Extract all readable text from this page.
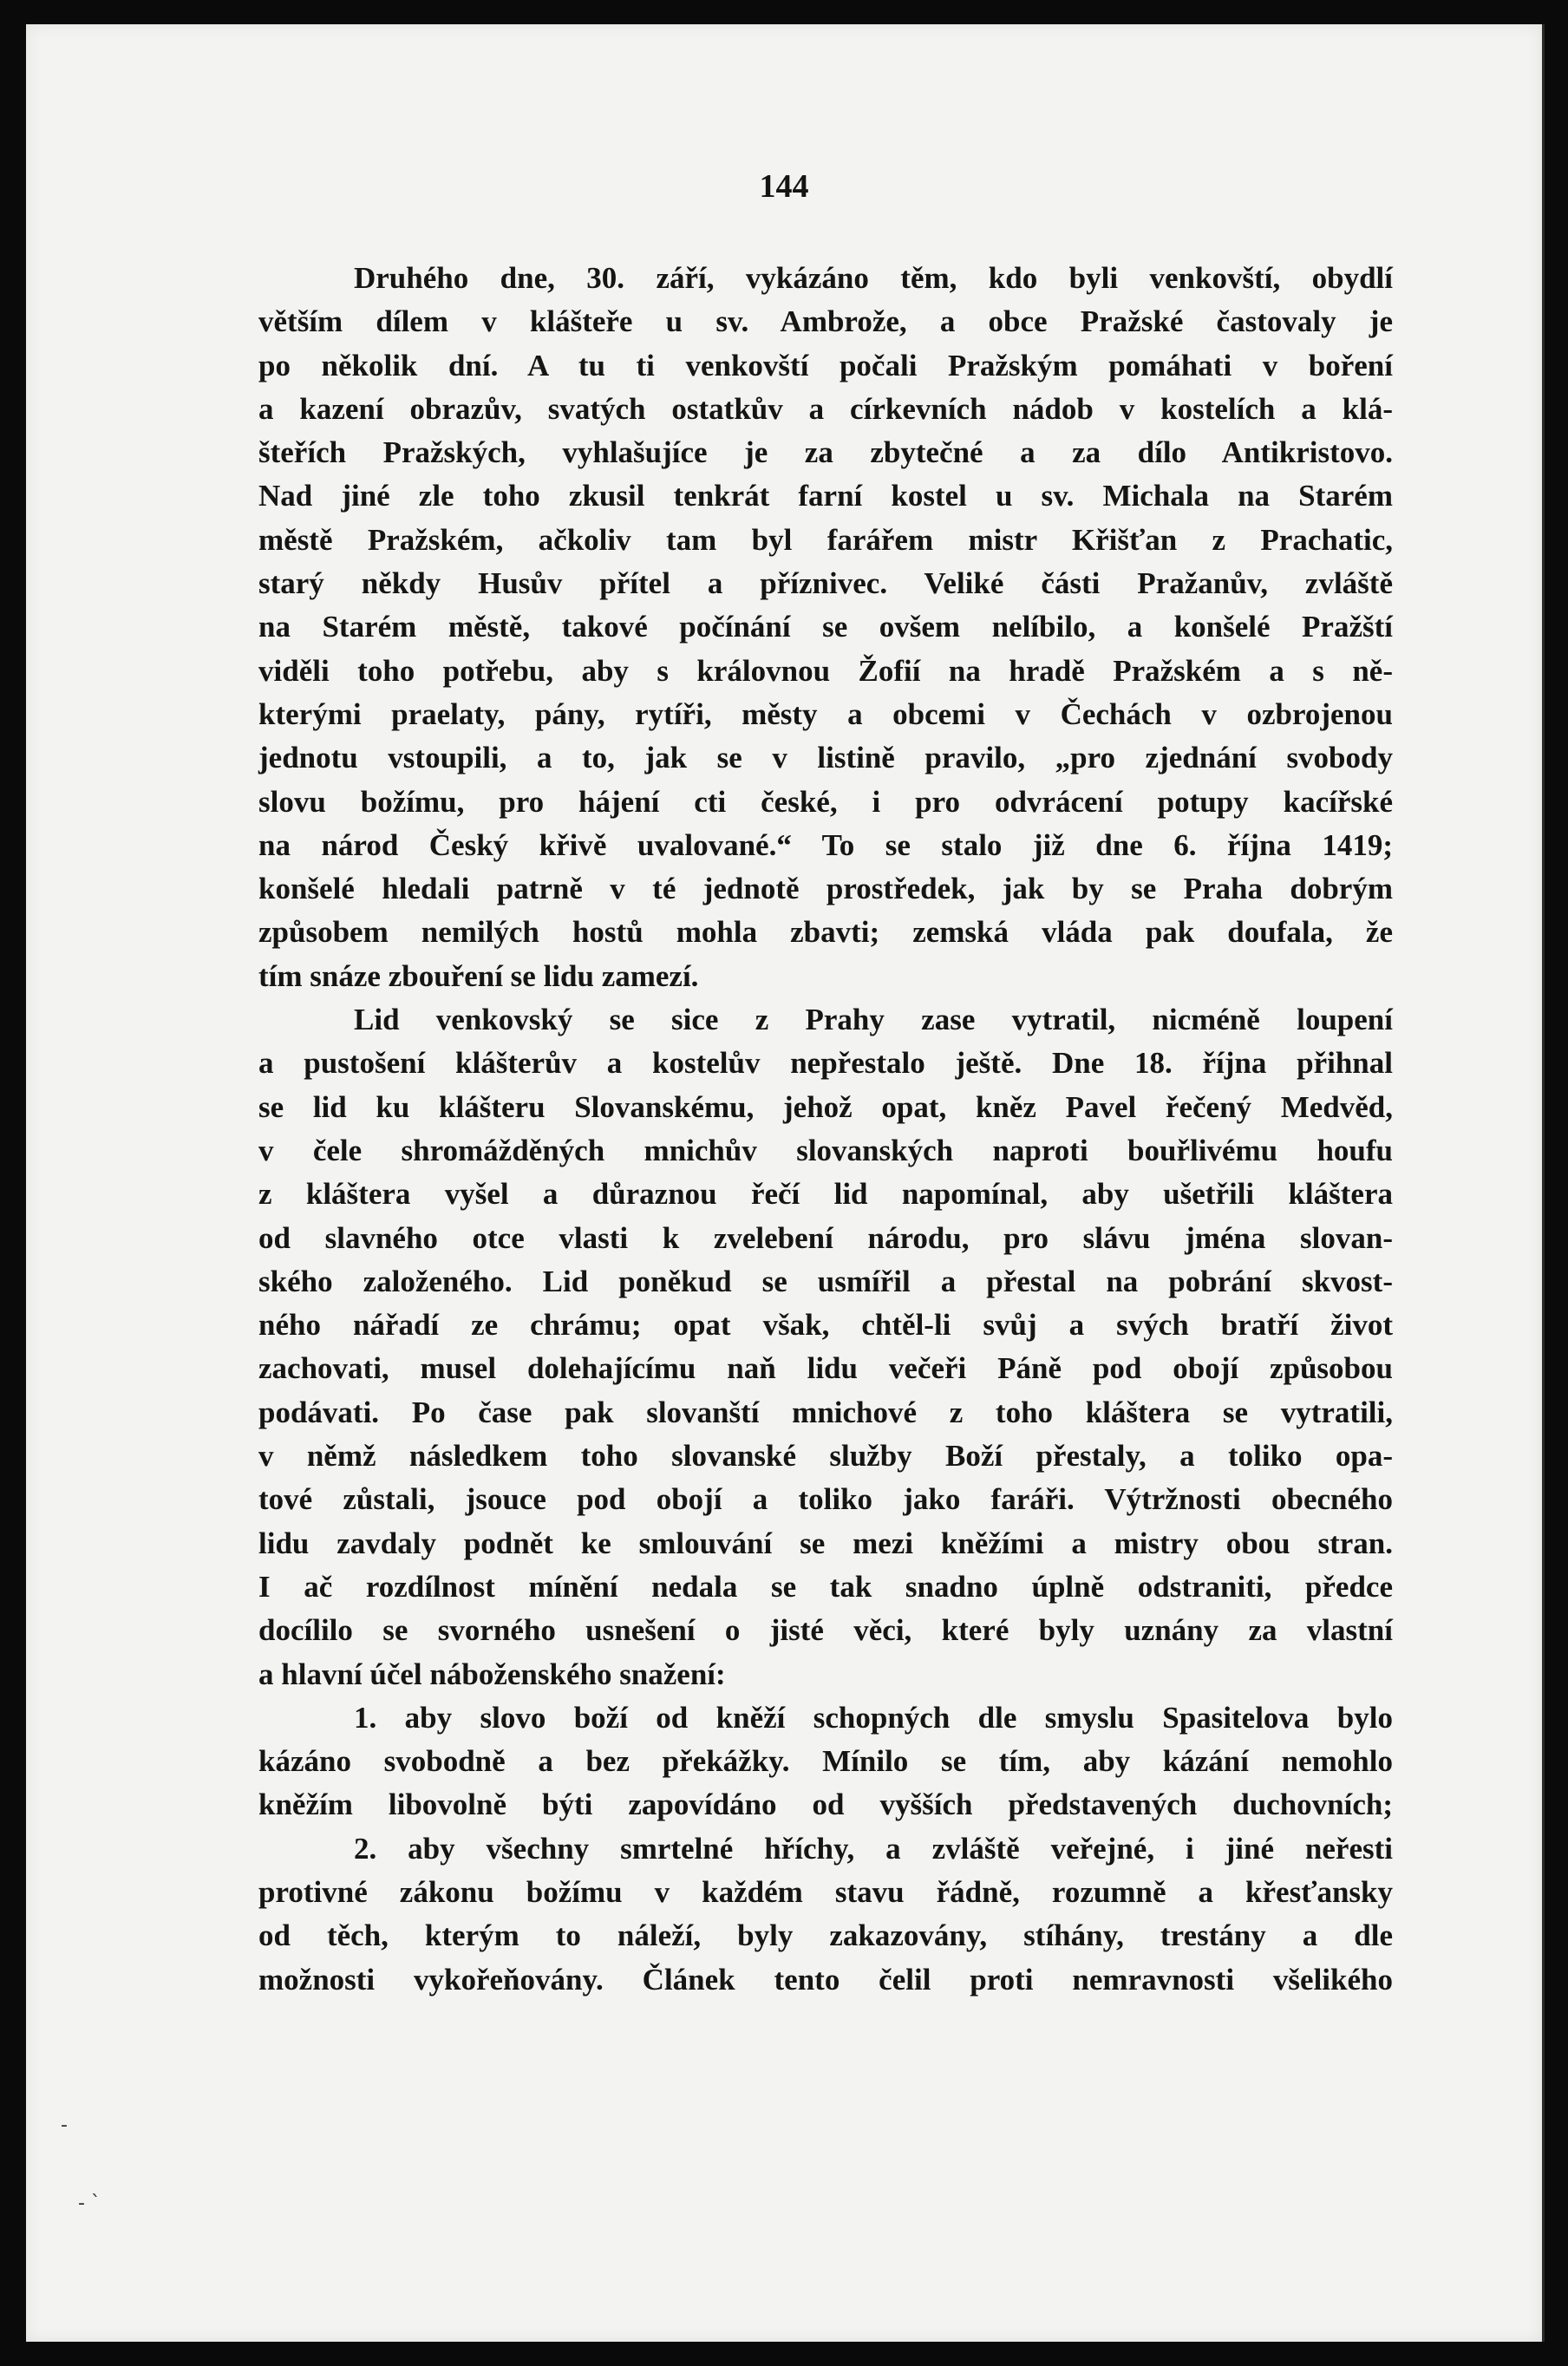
144
Druhého dne, 30. září, vykázáno těm, kdo byli venkovští, obydlí
větším dílem v klášteře u sv. Ambrože, a obce Pražské častovaly je
po několik dní. A tu ti venkovští počali Pražským pomáhati v boření
a kazení obrazův, svatých ostatkův a církevních nádob v kostelích a klá-
šteřích Pražských, vyhlašujíce je za zbytečné a za dílo Antikristovo.
Nad jiné zle toho zkusil tenkrát farní kostel u sv. Michala na Starém
městě Pražském, ačkoliv tam byl farářem mistr Křišťan z Prachatic,
starý někdy Husův přítel a příznivec. Veliké části Pražanův, zvláště
na Starém městě, takové počínání se ovšem nelíbilo, a konšelé Pražští
viděli toho potřebu, aby s královnou Žofií na hradě Pražském a s ně-
kterými praelaty, pány, rytíři, městy a obcemi v Čechách v ozbrojenou
jednotu vstoupili, a to, jak se v listině pravilo, „pro zjednání svobody
slovu božímu, pro hájení cti české, i pro odvrácení potupy kacířské
na národ Český křivě uvalované.“ To se stalo již dne 6. října 1419;
konšelé hledali patrně v té jednotě prostředek, jak by se Praha dobrým
způsobem nemilých hostů mohla zbavti; zemská vláda pak doufala, že
tím snáze zbouření se lidu zamezí.
Lid venkovský se sice z Prahy zase vytratil, nicméně loupení
a pustošení klášterův a kostelův nepřestalo ještě. Dne 18. října přihnal
se lid ku klášteru Slovanskému, jehož opat, kněz Pavel řečený Medvěd,
v čele shromážděných mnichův slovanských naproti bouřlivému houfu
z kláštera vyšel a důraznou řečí lid napomínal, aby ušetřili kláštera
od slavného otce vlasti k zvelebení národu, pro slávu jména slovan-
ského založeného. Lid poněkud se usmířil a přestal na pobrání skvost-
ného nářadí ze chrámu; opat však, chtěl-li svůj a svých bratří život
zachovati, musel dolehajícímu naň lidu večeři Páně pod obojí způsobou
podávati. Po čase pak slovanští mnichové z toho kláštera se vytratili,
v němž následkem toho slovanské služby Boží přestaly, a toliko opa-
tové zůstali, jsouce pod obojí a toliko jako faráři. Výtržnosti obecného
lidu zavdaly podnět ke smlouvání se mezi kněžími a mistry obou stran.
I ač rozdílnost mínění nedala se tak snadno úplně odstraniti, předce
docílilo se svorného usnešení o jisté věci, které byly uznány za vlastní
a hlavní účel náboženského snažení:
1. aby slovo boží od kněží schopných dle smyslu Spasitelova bylo
kázáno svobodně a bez překážky. Mínilo se tím, aby kázání nemohlo
kněžím libovolně býti zapovídáno od vyšších představených duchovních;
2. aby všechny smrtelné hříchy, a zvláště veřejné, i jiné neřesti
protivné zákonu božímu v každém stavu řádně, rozumně a křesťansky
od těch, kterým to náleží, byly zakazovány, stíhány, trestány a dle
možnosti vykořeňovány. Článek tento čelil proti nemravnosti všelikého
-
- `
